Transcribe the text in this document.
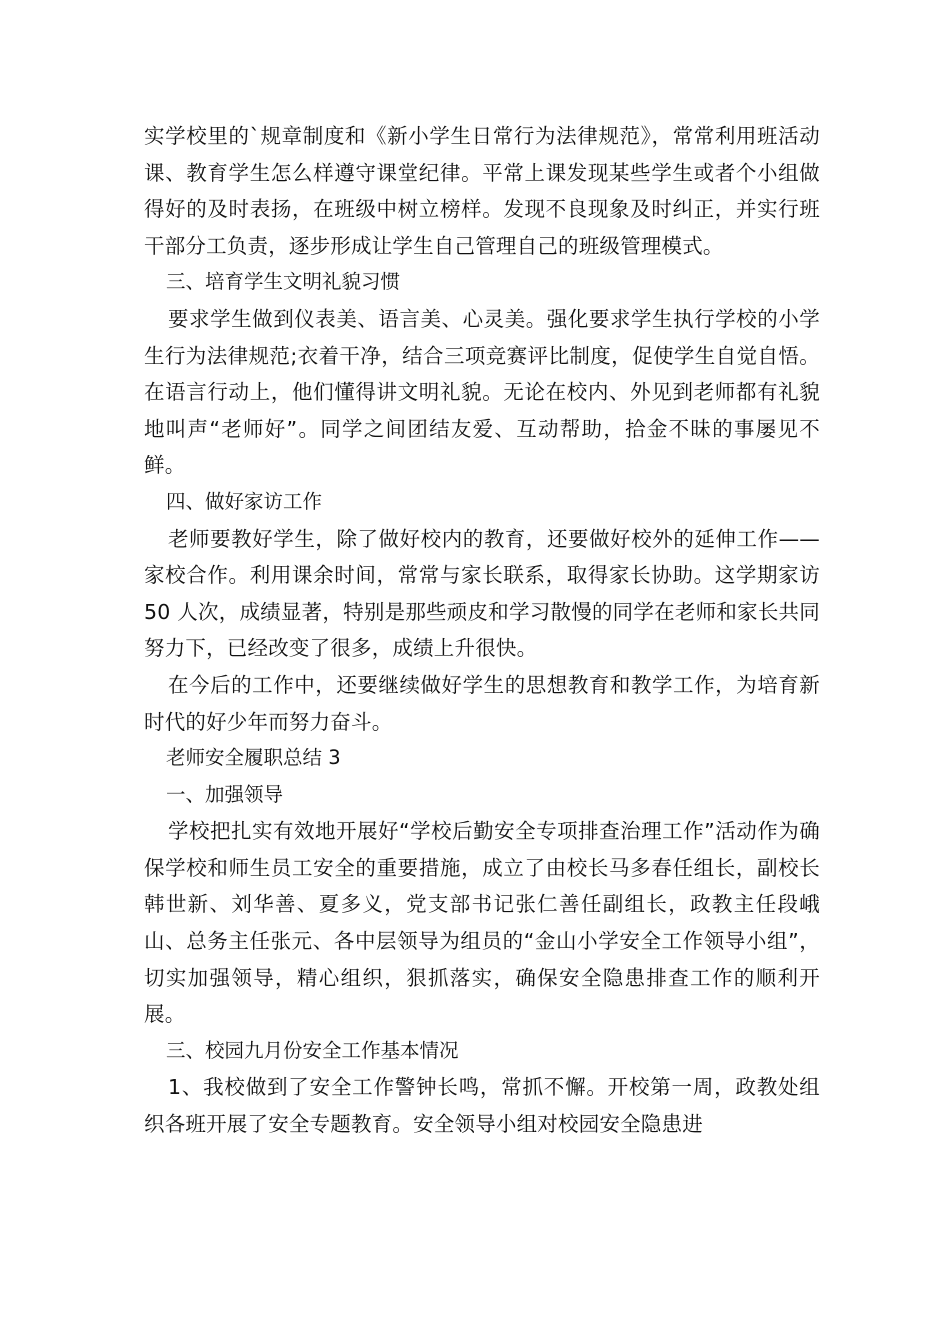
实学校里的`规章制度和《新小学生日常行为法律规范》，常常利用班活动课、教育学生怎么样遵守课堂纪律。平常上课发现某些学生或者个小组做得好的及时表扬，在班级中树立榜样。发现不良现象及时纠正，并实行班干部分工负责，逐步形成让学生自己管理自己的班级管理模式。

三、培育学生文明礼貌习惯

要求学生做到仪表美、语言美、心灵美。强化要求学生执行学校的小学生行为法律规范;衣着干净，结合三项竞赛评比制度，促使学生自觉自悟。在语言行动上，他们懂得讲文明礼貌。无论在校内、外见到老师都有礼貌地叫声“老师好”。同学之间团结友爱、互动帮助，拾金不昧的事屡见不鲜。

四、做好家访工作

老师要教好学生，除了做好校内的教育，还要做好校外的延伸工作——家校合作。利用课余时间，常常与家长联系，取得家长协助。这学期家访 50 人次，成绩显著，特别是那些顽皮和学习散慢的同学在老师和家长共同努力下，已经改变了很多，成绩上升很快。

在今后的工作中，还要继续做好学生的思想教育和教学工作，为培育新时代的好少年而努力奋斗。

老师安全履职总结 3

一、加强领导

学校把扎实有效地开展好“学校后勤安全专项排查治理工作”活动作为确保学校和师生员工安全的重要措施，成立了由校长马多春任组长，副校长韩世新、刘华善、夏多义，党支部书记张仁善任副组长，政教主任段峨山、总务主任张元、各中层领导为组员的“金山小学安全工作领导小组”，切实加强领导，精心组织，狠抓落实，确保安全隐患排查工作的顺利开展。

三、校园九月份安全工作基本情况

1、我校做到了安全工作警钟长鸣，常抓不懈。开校第一周，政教处组织各班开展了安全专题教育。安全领导小组对校园安全隐患进
